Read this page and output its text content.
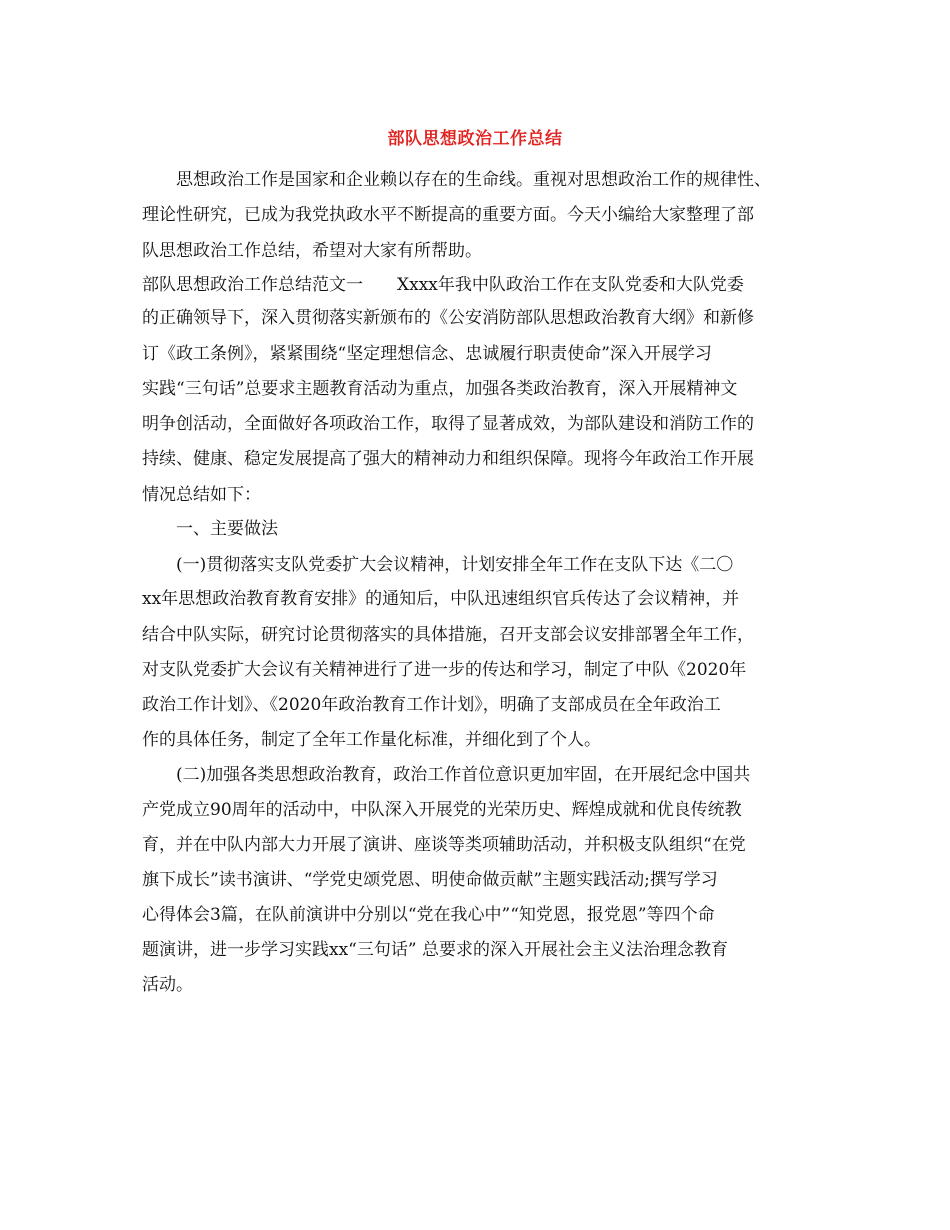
部队思想政治工作总结
思想政治工作是国家和企业赖以存在的生命线。重视对思想政治工作的规律性、
理论性研究，已成为我党执政水平不断提高的重要方面。今天小编给大家整理了部
队思想政治工作总结，希望对大家有所帮助。
部队思想政治工作总结范文一　　Xxxx年我中队政治工作在支队党委和大队党委
的正确领导下，深入贯彻落实新颁布的《公安消防部队思想政治教育大纲》和新修
订《政工条例》，紧紧围绕“坚定理想信念、忠诚履行职责使命”深入开展学习
实践“三句话”总要求主题教育活动为重点，加强各类政治教育，深入开展精神文
明争创活动，全面做好各项政治工作，取得了显著成效，为部队建设和消防工作的
持续、健康、稳定发展提高了强大的精神动力和组织保障。现将今年政治工作开展
情况总结如下：
一、主要做法
(一)贯彻落实支队党委扩大会议精神，计划安排全年工作在支队下达《二〇
xx年思想政治教育教育安排》的通知后，中队迅速组织官兵传达了会议精神，并
结合中队实际，研究讨论贯彻落实的具体措施，召开支部会议安排部署全年工作，
对支队党委扩大会议有关精神进行了进一步的传达和学习，制定了中队《2020年
政治工作计划》、《2020年政治教育工作计划》，明确了支部成员在全年政治工
作的具体任务，制定了全年工作量化标准，并细化到了个人。
(二)加强各类思想政治教育，政治工作首位意识更加牢固，在开展纪念中国共
产党成立90周年的活动中，中队深入开展党的光荣历史、辉煌成就和优良传统教
育，并在中队内部大力开展了演讲、座谈等类项辅助活动，并积极支队组织“在党
旗下成长”读书演讲、“学党史颂党恩、明使命做贡献”主题实践活动;撰写学习
心得体会3篇，在队前演讲中分别以“党在我心中”“知党恩，报党恩”等四个命
题演讲，进一步学习实践xx“三句话” 总要求的深入开展社会主义法治理念教育
活动。
